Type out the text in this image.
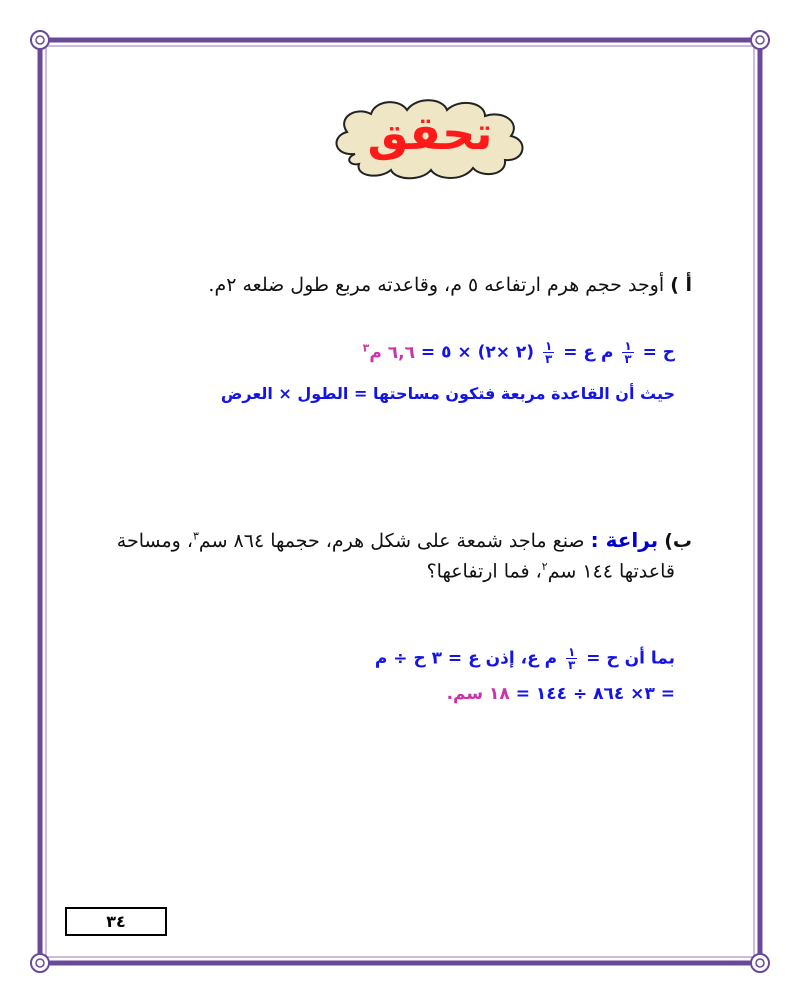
تحقق
أ ) أوجد حجم هرم ارتفاعه ٥ م، وقاعدته مربع طول ضلعه ٢م.
ح =
$\frac{١}{٣}$
م ع =
$\frac{١}{٣}$
(٢ ×٢) × ٥ = ٦,٦ م$^٣$
حيث أن القاعدة مربعة فتكون مساحتها = الطول × العرض
ب) براعة : صنع ماجد شمعة على شكل هرم، حجمها ٨٦٤ سم$^٣$، ومساحة
قاعدتها ١٤٤ سم$^٢$، فما ارتفاعها؟
بما أن ح =
$\frac{١}{٣}$
م ع، إذن ع = ٣ ح ÷ م
= ٣× ٨٦٤ ÷ ١٤٤ = ١٨ سم.
٣٤
